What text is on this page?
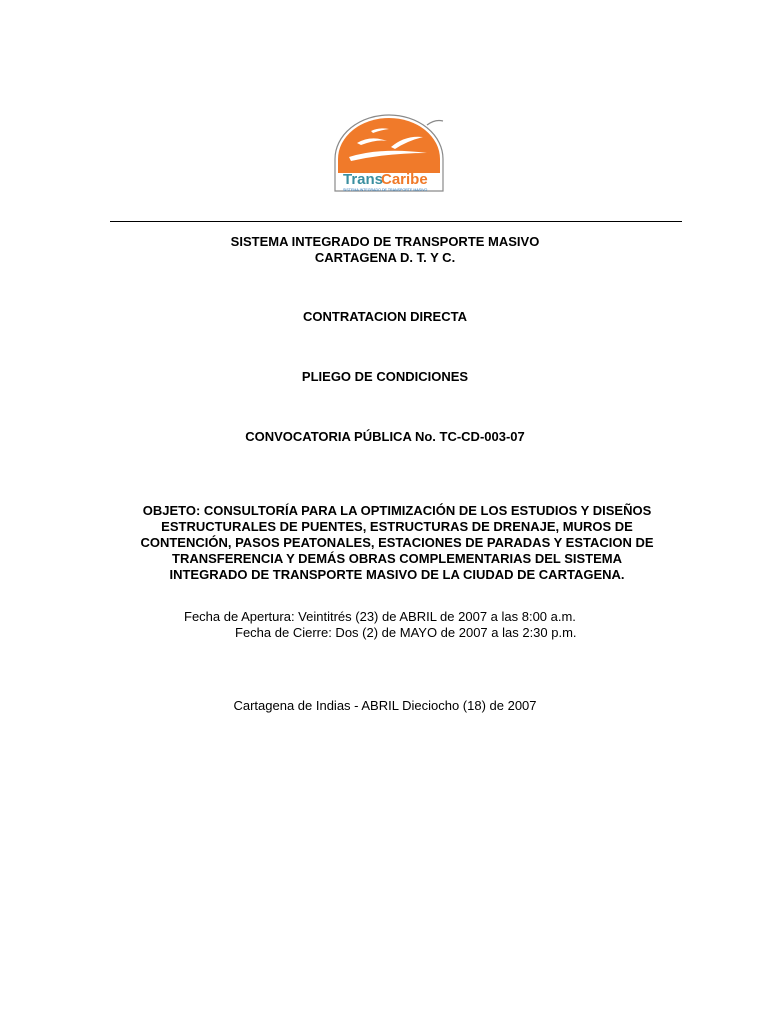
Trans
Caribe
SISTEMA INTEGRADO DE TRANSPORTE MASIVO
SISTEMA INTEGRADO DE TRANSPORTE MASIVO
CARTAGENA D. T. Y C.
CONTRATACION DIRECTA
PLIEGO DE CONDICIONES
CONVOCATORIA PÚBLICA No. TC-CD-003-07
OBJETO: CONSULTORÍA PARA LA OPTIMIZACIÓN DE LOS ESTUDIOS Y DISEÑOS
ESTRUCTURALES DE PUENTES, ESTRUCTURAS DE DRENAJE, MUROS DE
CONTENCIÓN, PASOS PEATONALES, ESTACIONES DE PARADAS Y ESTACION DE
TRANSFERENCIA Y DEMÁS OBRAS COMPLEMENTARIAS DEL SISTEMA
INTEGRADO DE TRANSPORTE MASIVO DE LA CIUDAD DE CARTAGENA.
Fecha de Apertura: Veintitrés (23) de ABRIL de 2007 a las 8:00 a.m.
Fecha de Cierre: Dos (2) de MAYO de 2007 a las 2:30 p.m.
Cartagena de Indias - ABRIL Dieciocho (18) de 2007
